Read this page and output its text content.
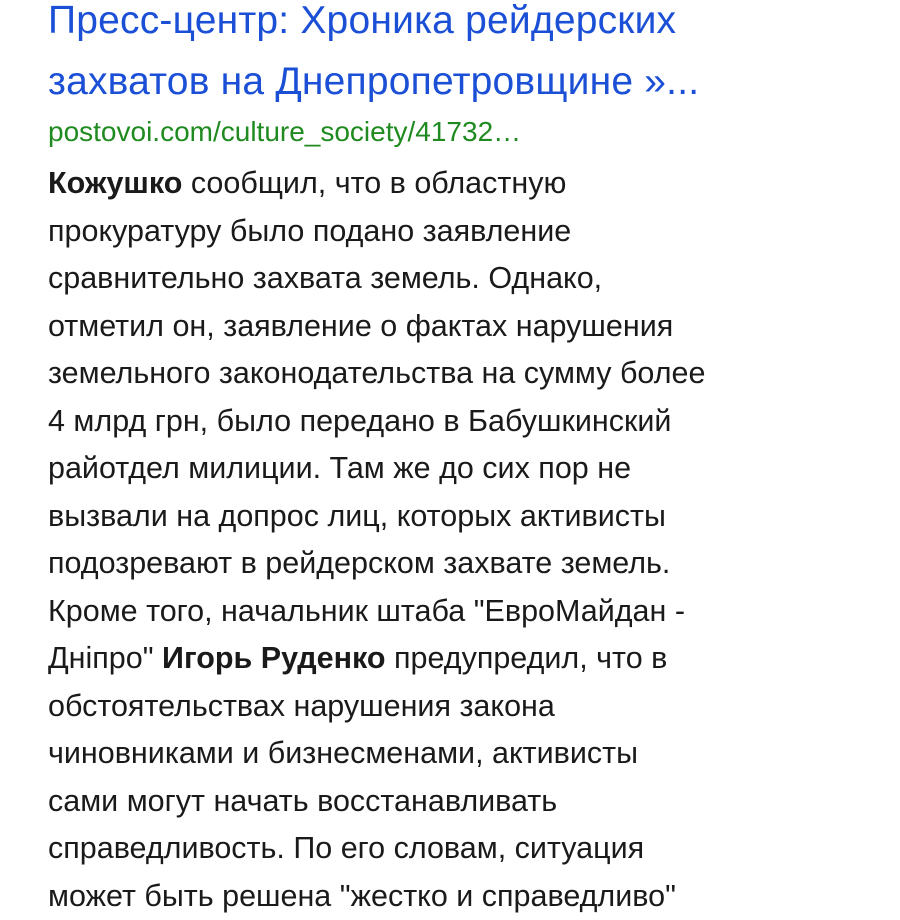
Пресс-центр: Хроника рейдерских
захватов на Днепропетровщине »...
postovoi.com/culture_society/41732…
Кожушко сообщил, что в областную
прокуратуру было подано заявление
сравнительно захвата земель. Однако,
отметил он, заявление о фактах нарушения
земельного законодательства на сумму более
4 млрд грн, было передано в Бабушкинский
райотдел милиции. Там же до сих пор не
вызвали на допрос лиц, которых активисты
подозревают в рейдерском захвате земель.
Кроме того, начальник штаба "ЕвроМайдан -
Дніпро" Игорь Руденко предупредил, что в
обстоятельствах нарушения закона
чиновниками и бизнесменами, активисты
сами могут начать восстанавливать
справедливость. По его словам, ситуация
может быть решена "жестко и справедливо"
